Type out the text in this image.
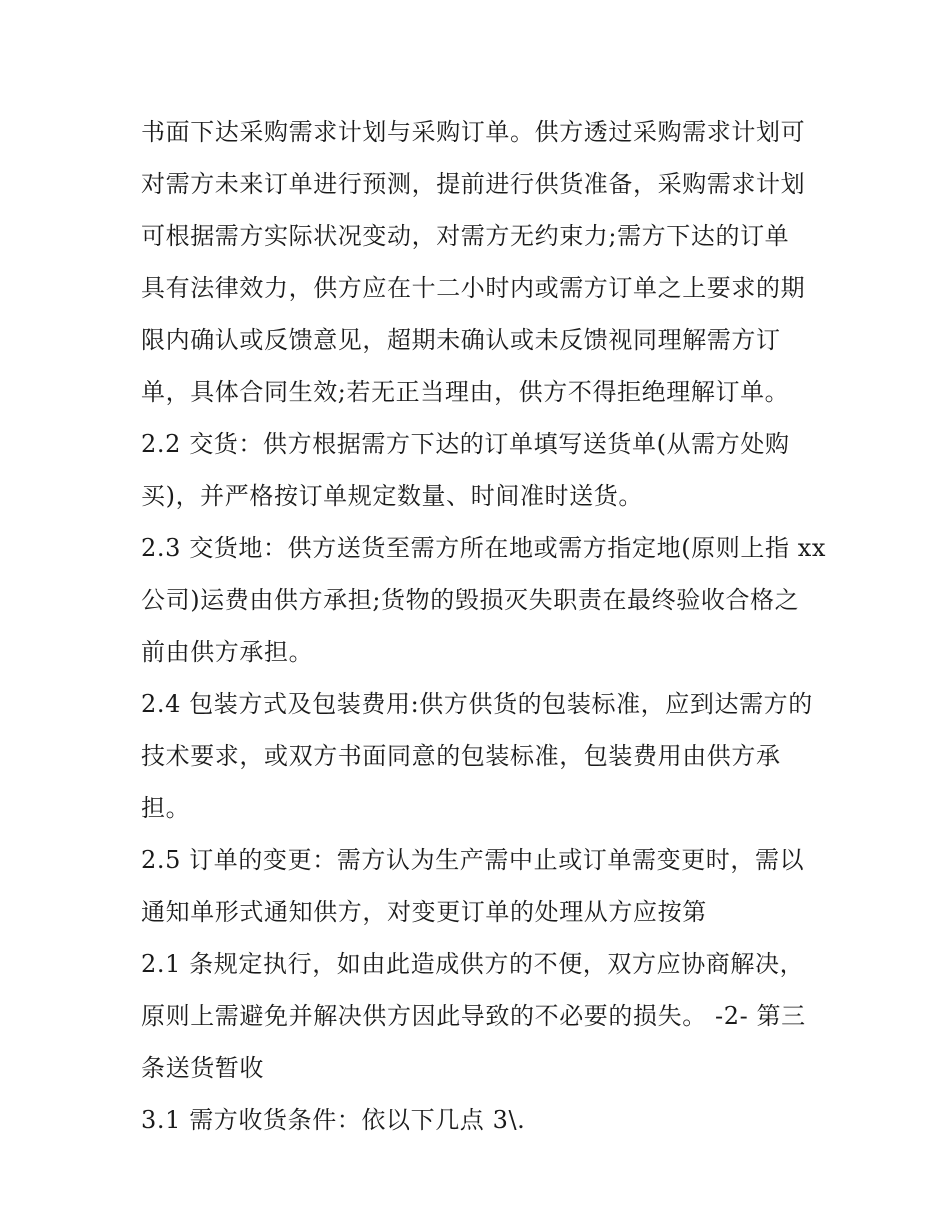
书面下达采购需求计划与采购订单。供方透过采购需求计划可
对需方未来订单进行预测，提前进行供货准备，采购需求计划
可根据需方实际状况变动，对需方无约束力;需方下达的订单
具有法律效力，供方应在十二小时内或需方订单之上要求的期
限内确认或反馈意见，超期未确认或未反馈视同理解需方订
单，具体合同生效;若无正当理由，供方不得拒绝理解订单。
2.2 交货：供方根据需方下达的订单填写送货单(从需方处购
买)，并严格按订单规定数量、时间准时送货。
2.3 交货地：供方送货至需方所在地或需方指定地(原则上指 xx
公司)运费由供方承担;货物的毁损灭失职责在最终验收合格之
前由供方承担。
2.4 包装方式及包装费用:供方供货的包装标准，应到达需方的
技术要求，或双方书面同意的包装标准，包装费用由供方承
担。
2.5 订单的变更：需方认为生产需中止或订单需变更时，需以
通知单形式通知供方，对变更订单的处理从方应按第
2.1 条规定执行，如由此造成供方的不便，双方应协商解决，
原则上需避免并解决供方因此导致的不必要的损失。 -2- 第三
条送货暂收
3.1 需方收货条件：依以下几点 3\.
